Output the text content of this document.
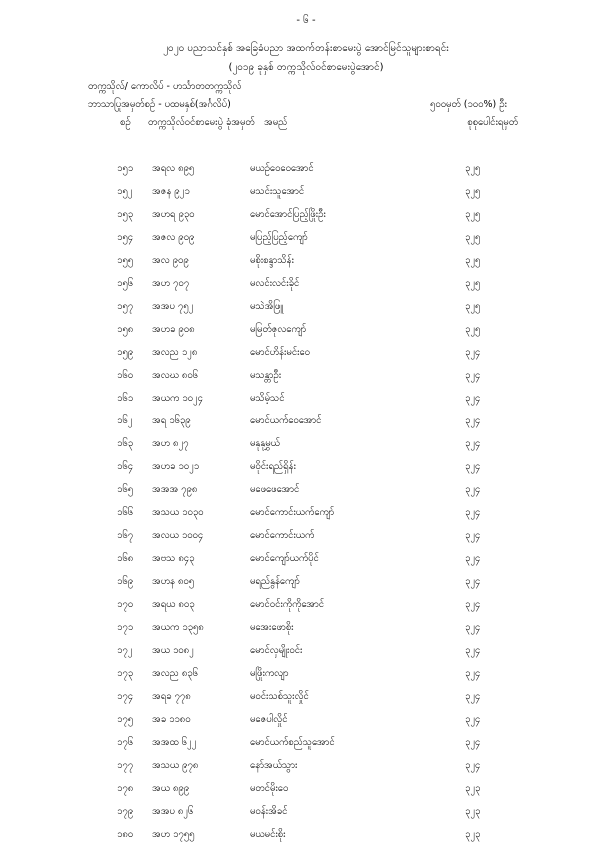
- ၆ -
၂၀၂၀ ပညာသင်နှစ် အခြေခံပညာ အထက်တန်းစာမေးပွဲ အောင်မြင်သူများစာရင်း
(၂၀၁၉ ခုနှစ် တက္ကသိုလ်ဝင်စာမေးပွဲအောင်)
တက္ကသိုလ်/ ကောလိပ် - ဟင်္သာတတက္ကသိုလ်
ဘာသာပြုအမှတ်စဉ် - ပထမနှစ်(အင်္ဂလိပ်)	၅၀၀မှတ် (၁၀၀%) ဦး
စဉ် တက္ကသိုလ်ဝင်စာမေးပွဲ ခုံအမှတ် အမည်	စုစုပေါင်းရမှတ်
၁၅၁ အရလ ၈၉၅	မယဉ်ဝေဝေအောင်	၃၂၅
၁၅၂ အဇန ၉၂၁	မသင်းသူအောင်	၃၂၅
၁၅၃ အဟရ ၉၃၀	မောင်အောင်ပြည့်ဖြိုးဦး	၃၂၅
၁၅၄ အဇလ ၉၀၉	မပြည့်ပြည့်ကျော်	၃၂၅
၁၅၅ အလ ၉၀၉	မစိုးစန္ဒာသိန်း	၃၂၅
၁၅၆ အဟ ၇၀၇	မလင်းလင်းခိုင်	၃၂၅
၁၅၇ အအပ ၇၅၂	မသဲအိဖြူ	၃၂၅
၁၅၈ အဟခ ၉၀၈	မမြတ်ဇုလကျော်	၃၂၅
၁၅၉ အလည ၁၂၈	မောင်ဟိန်းမင်းဝေ	၃၂၄
၁၆၀ အလဃ ၈၀၆	မသန္တာဦး	၃၂၄
၁၆၁ အယက ၁၀၂၄	မသိမ့်သင်	၃၂၄
၁၆၂ အရ ၁၆၃၉	မောင်ယက်ဝေအောင်	၃၂၄
၁၆၃ အဟ ၈၂၇	မနုနုမွှယ်	၃၂၄
၁၆၄ အဟခ ၁၀၂၁	မဝိုင်းရည်ရှိန်း	၃၂၄
၁၆၅ အအအ ၇၉၈	မဖေဖေအောင်	၃၂၄
၁၆၆ အသယ ၁၀၃၀	မောင်ကောင်းယက်ကျော်	၃၂၄
၁၆၇ အလယ ၁၀၀၄	မောင်ကောင်းယက်	၃၂၄
၁၆၈ အဗသ ၈၄၃	မောင်ကျော်ယက်ပိုင်	၃၂၄
၁၆၉ အဟန ၈၀၅	မရည်နွန်ကျော်	၃၂၄
၁၇၀ အရယ ၈၀၃	မောင်ဝင်းကိုကိုအောင်	၃၂၄
၁၇၁ အယက ၁၃၅၈	မအေးဖောစိုး	၃၂၄
၁၇၂ အယ ၁၀၈၂	မောင်လှမျိုးဝင်း	၃၂၄
၁၇၃ အလည ၈၃၆	မဖြိုးကလျာ	၃၂၄
၁၇၄ အရခ ၇၇၈	မဝင်းသစ်သူးလှိုင်	၃၂၄
၁၇၅ အခ ၁၁၈၀	မဇေပါလှိုင်	၃၂၄
၁၇၆ အအထ ၆၂၂	မောင်ယက်စည်သူအောင်	၃၂၄
၁၇၇ အသယ ၉၇၈	နော်အယ်သွား	၃၂၄
၁၇၈ အယ ၈၉၉	မတင်မိုးဝေ	၃၂၃
၁၇၉ အအပ ၈၂၆	မဝန်းအိခင်	၃၂၃
၁၈၀ အဟ ၁၇၅၅	မယမင်းစိုး	၃၂၃
